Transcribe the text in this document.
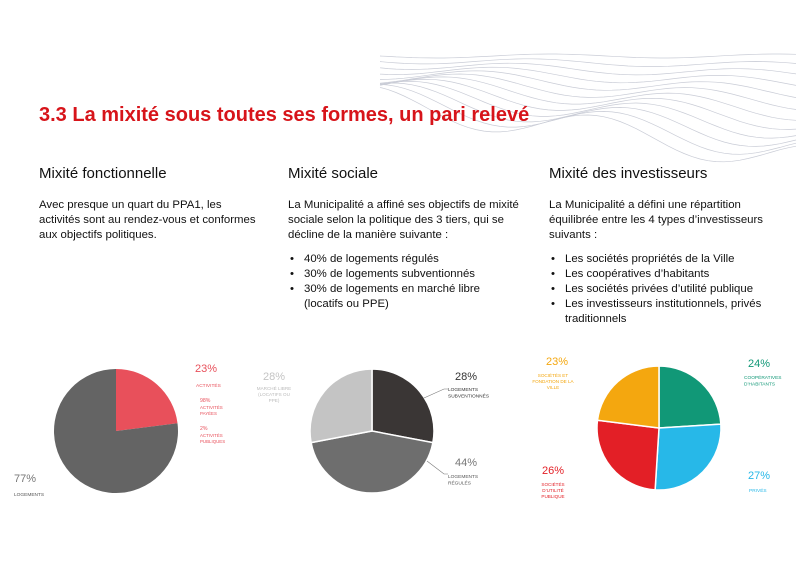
3.3 La mixité sous toutes ses formes, un pari relevé
Mixité fonctionnelle

Avec presque un quart du PPA1, les activités sont au rendez-vous et conformes aux objectifs politiques.

Mixité sociale

La Municipalité a affiné ses objectifs de mixité sociale selon la politique des 3 tiers, qui se décline de la manière suivante :

• 40% de logements régulés
• 30% de logements subventionnés
• 30% de logements en marché libre (locatifs ou PPE)
Mixité des investisseurs

La Municipalité a défini une répartition équilibrée entre les 4 types d’investisseurs suivants :

• Les sociétés propriétés de la Ville
• Les coopératives d’habitants
• Les sociétés privées d’utilité publique
• Les investisseurs institutionnels, privés traditionnels
23%
ACTIVITÉS
98%
ACTIVITÉS
PAYÉES
2%
ACTIVITÉS
PUBLIQUES
77%
LOGEMENTS
28%
LOGEMENTS
SUBVENTIONNÉS
44%
LOGEMENTS
RÉGULÉS
28%
MARCHÉ LIBRE
(LOCATIFS OU
PPE)
24%
COOPÉRATIVES
D’HABITANTS
27%
PRIVÉS
26%
SOCIÉTÉS
D’UTILITÉ
PUBLIQUE
23%
SOCIÉTÉS ET
FONDATION DE LA
VILLE
